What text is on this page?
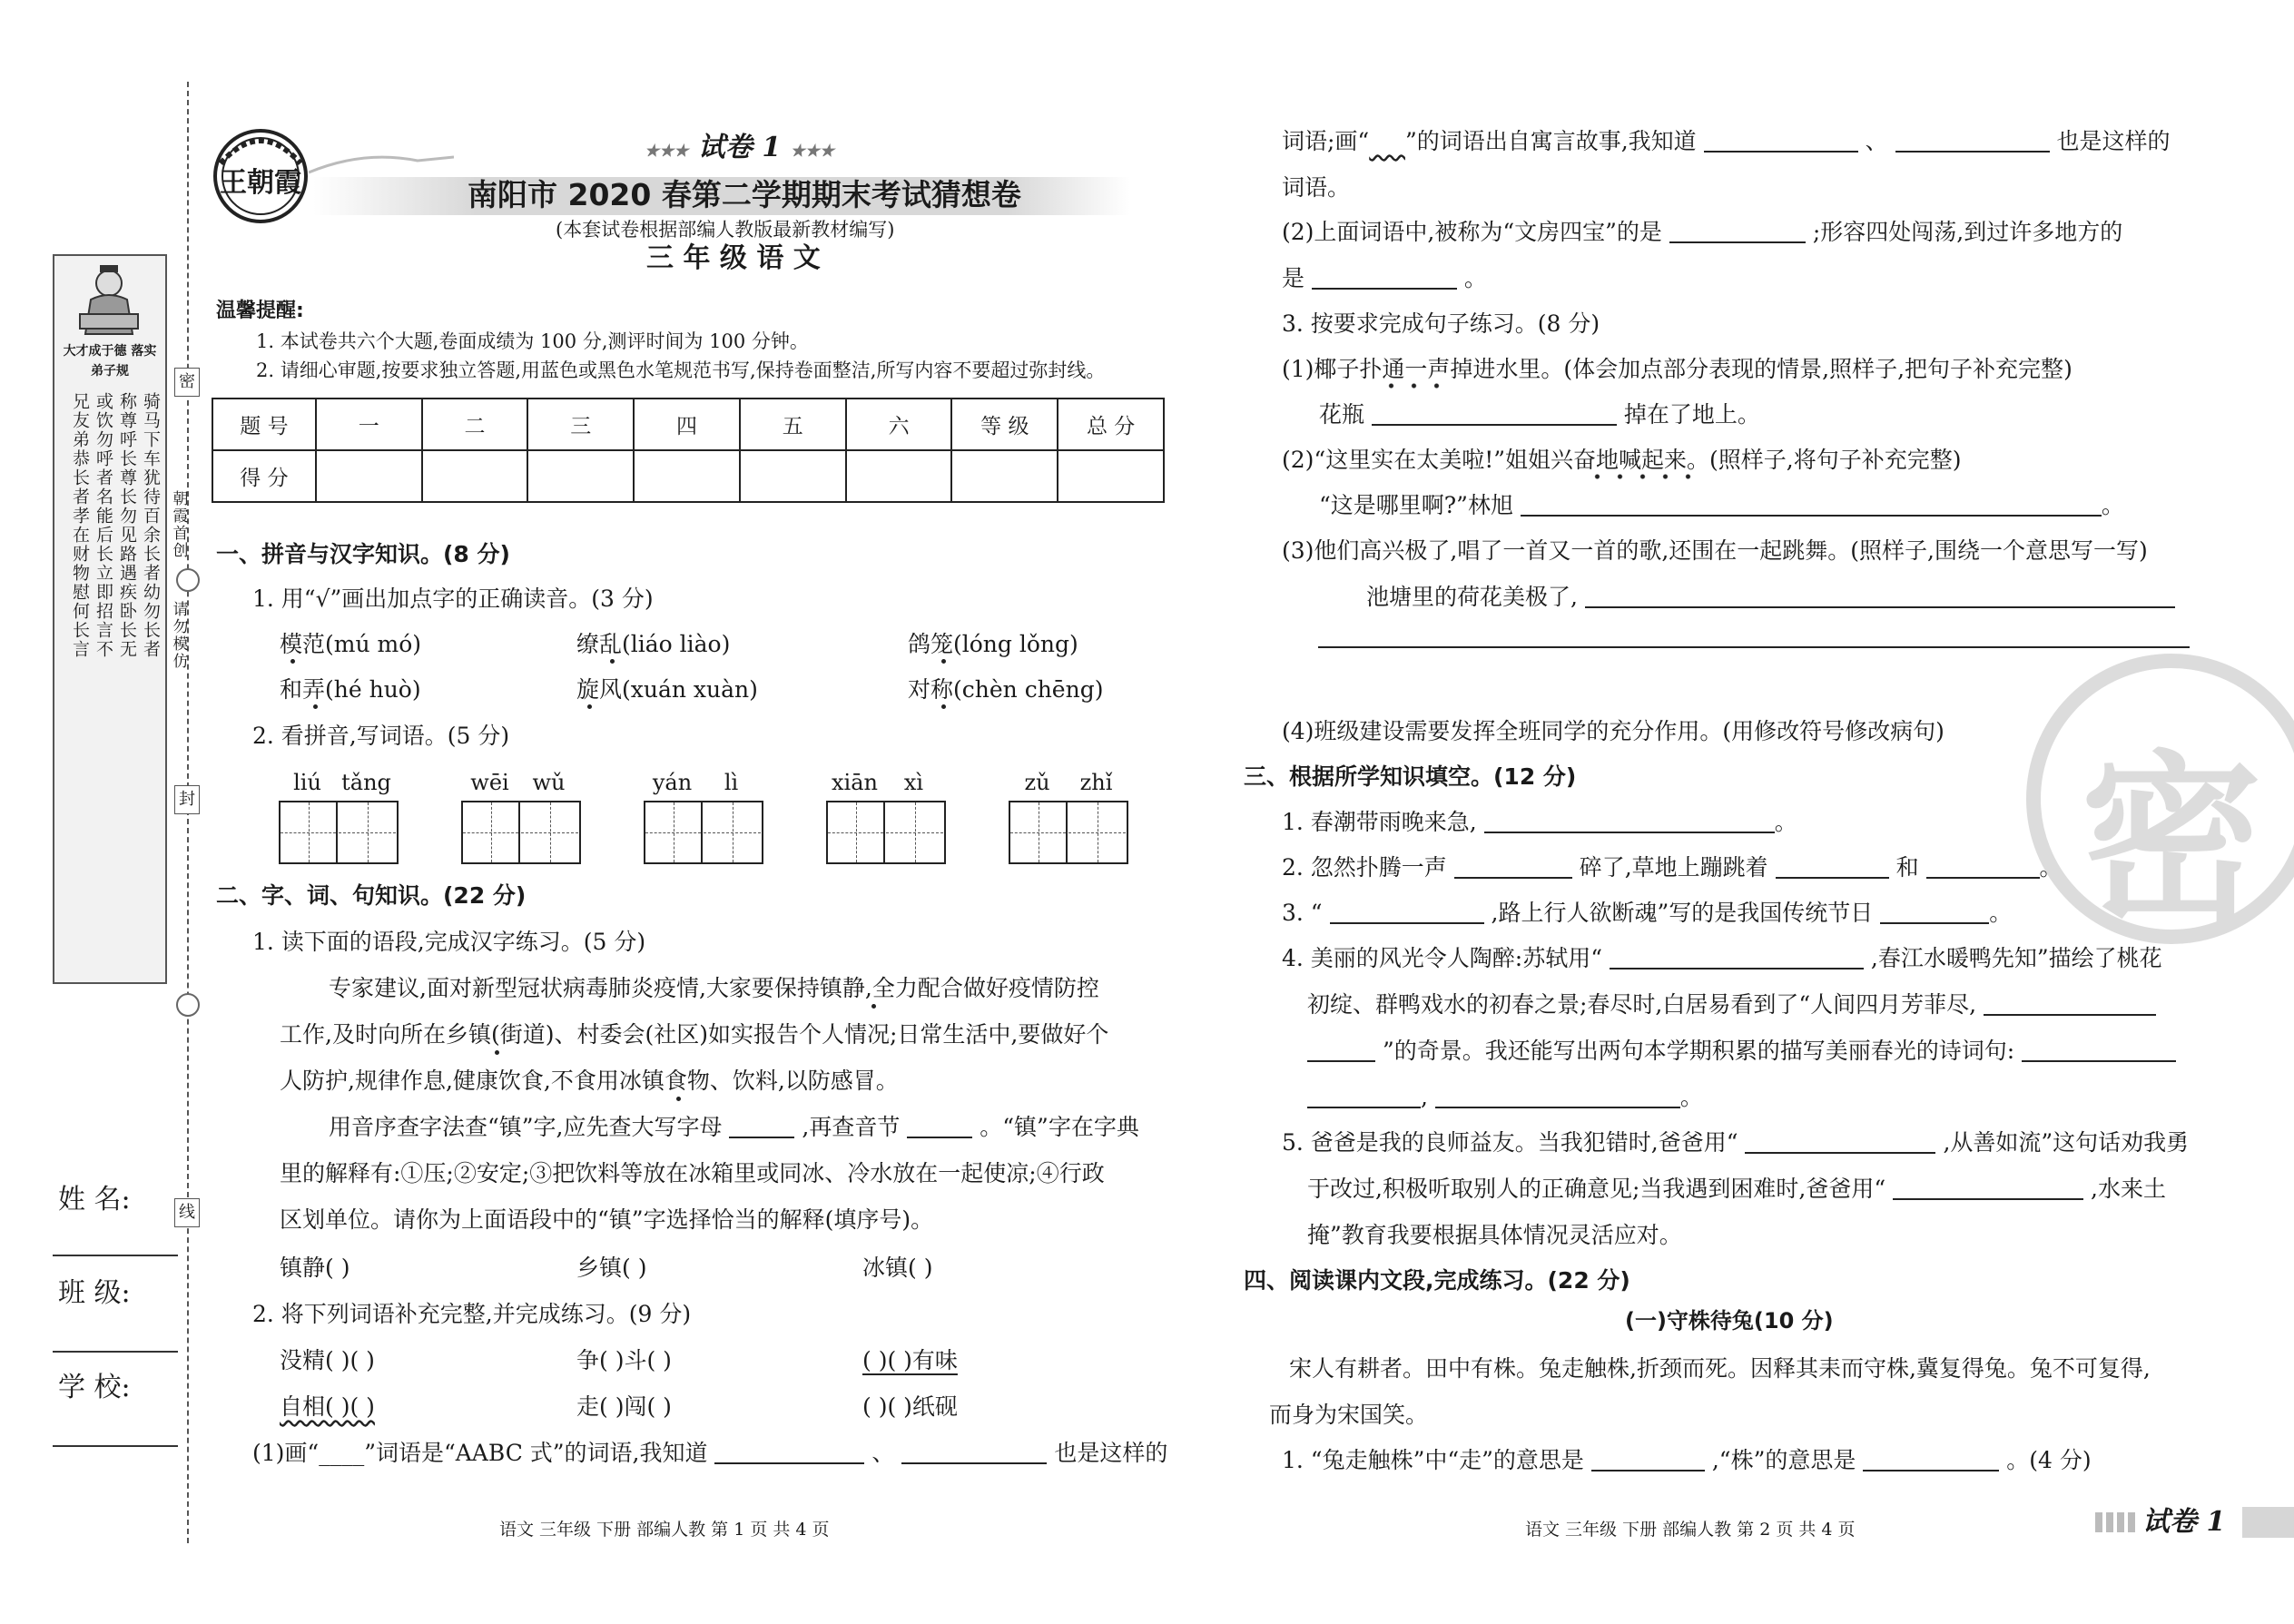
密
封
线
朝霞首创
请勿模仿
大才成于德 落实弟子规
骑马下车犹待百余长者幼勿长者
称尊呼长尊长勿见路遇疾卧长无
或饮勿呼者名能后长立即招言不
兄友弟恭长者孝在财物慰何长言
姓 名:
班 级:
学 校:
王朝霞
★★★ 试卷 1 ★★★
南阳市 2020 春第二学期期末考试猜想卷
(本套试卷根据部编人教版最新教材编写)
三 年 级 语 文
温馨提醒:
1. 本试卷共六个大题,卷面成绩为 100 分,测评时间为 100 分钟。
2. 请细心审题,按要求独立答题,用蓝色或黑色水笔规范书写,保持卷面整洁,所写内容不要超过弥封线。
题 号	一	二	三	四	五	六	等 级	总 分
得 分								
一、拼音与汉字知识。(8 分)
1. 用“√”画出加点字的正确读音。(3 分)
模范(mú mó)	缭乱(liáo liào)	鸽笼(lóng lǒng)
和弄(hé huò)	旋风(xuán xuàn)	对称(chèn chēng)
2. 看拼音,写词语。(5 分)
liú tǎng	wēi	wǔ	yán	lì	xiān	xì	zǔ	zhǐ
二、字、词、句知识。(22 分)
1. 读下面的语段,完成汉字练习。(5 分)
专家建议,面对新型冠状病毒肺炎疫情,大家要保持镇静,全力配合做好疫情防控
工作,及时向所在乡镇(街道)、村委会(社区)如实报告个人情况;日常生活中,要做好个
人防护,规律作息,健康饮食,不食用冰镇食物、饮料,以防感冒。
用音序查字法查“镇”字,应先查大写字母	,再查音节	。“镇”字在字典
里的解释有:①压;②安定;③把饮料等放在冰箱里或同冰、冷水放在一起使凉;④行政
区划单位。请你为上面语段中的“镇”字选择恰当的解释(填序号)。
镇静( )	乡镇( )	冰镇( )
2. 将下列词语补充完整,并完成练习。(9 分)
没精( )( )	争( )斗( )	( )( )有味
自相( )( )	走( )闯( )	( )( )纸砚
(1)画“____”词语是“AABC 式”的词语,我知道	、	也是这样的
语文 三年级 下册 部编人教 第 1 页 共 4 页
密
词语;画“ ”的词语出自寓言故事,我知道	、	也是这样的
词语。
(2)上面词语中,被称为“文房四宝”的是	;形容四处闯荡,到过许多地方的
是	。
3. 按要求完成句子练习。(8 分)
(1)椰子扑通一声掉进水里。(体会加点部分表现的情景,照样子,把句子补充完整)
花瓶	掉在了地上。
(2)“这里实在太美啦!”姐姐兴奋地喊起来。(照样子,将句子补充完整)
“这是哪里啊?”林旭	。
(3)他们高兴极了,唱了一首又一首的歌,还围在一起跳舞。(照样子,围绕一个意思写一写)
池塘里的荷花美极了,
(4)班级建设需要发挥全班同学的充分作用。(用修改符号修改病句)
三、根据所学知识填空。(12 分)
1. 春潮带雨晚来急,	。
2. 忽然扑腾一声	碎了,草地上蹦跳着	和	。
3. “	,路上行人欲断魂”写的是我国传统节日	。
4. 美丽的风光令人陶醉:苏轼用“	,春江水暖鸭先知”描绘了桃花
初绽、群鸭戏水的初春之景;春尽时,白居易看到了“人间四月芳菲尽,
”的奇景。我还能写出两句本学期积累的描写美丽春光的诗词句:
,	。
5. 爸爸是我的良师益友。当我犯错时,爸爸用“	,从善如流”这句话劝我勇
于改过,积极听取别人的正确意见;当我遇到困难时,爸爸用“	,水来土
掩”教育我要根据具体情况灵活应对。
四、阅读课内文段,完成练习。(22 分)
(一)守株待兔(10 分)
宋人有耕者。田中有株。兔走触株,折颈而死。因释其耒而守株,冀复得兔。兔不可复得,
而身为宋国笑。
1. “兔走触株”中“走”的意思是	,“株”的意思是	。(4 分)
语文 三年级 下册 部编人教 第 2 页 共 4 页	试卷 1
